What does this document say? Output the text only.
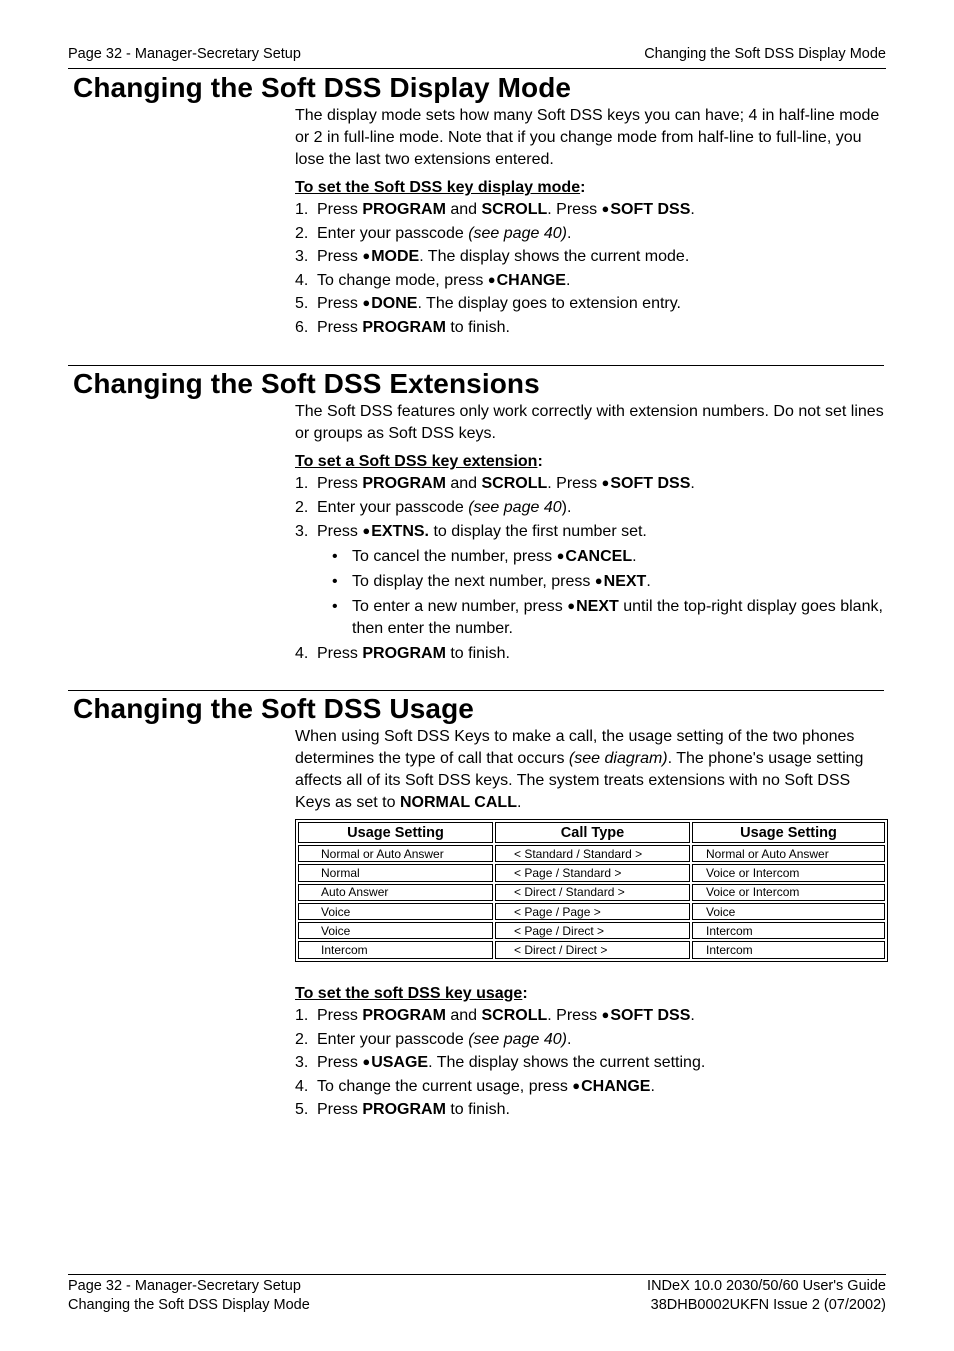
Page 32 - Manager-Secretary Setup	Changing the Soft DSS Display Mode
Changing the Soft DSS Display Mode

The display mode sets how many Soft DSS keys you can have; 4 in half-line mode or 2 in full-line mode. Note that if you change mode from half-line to full-line, you lose the last two extensions entered.

To set the Soft DSS key display mode:
1. Press PROGRAM and SCROLL. Press ● SOFT DSS.
2. Enter your passcode (see page 40).
3. Press ● MODE. The display shows the current mode.
4. To change mode, press ● CHANGE.
5. Press ● DONE. The display goes to extension entry.
6. Press PROGRAM to finish.
Changing the Soft DSS Extensions

The Soft DSS features only work correctly with extension numbers. Do not set lines or groups as Soft DSS keys.

To set a Soft DSS key extension:
1. Press PROGRAM and SCROLL. Press ● SOFT DSS.
2. Enter your passcode (see page 40).
3. Press ● EXTNS. to display the first number set.
• To cancel the number, press ● CANCEL.
• To display the next number, press ● NEXT.
• To enter a new number, press ● NEXT until the top-right display goes blank, then enter the number.
4. Press PROGRAM to finish.
Changing the Soft DSS Usage

When using Soft DSS Keys to make a call, the usage setting of the two phones determines the type of call that occurs (see diagram). The phone's usage setting affects all of its Soft DSS keys. The system treats extensions with no Soft DSS Keys as set to NORMAL CALL.

Usage Setting	Call Type	Usage Setting
Normal or Auto Answer	< Standard / Standard >	Normal or Auto Answer
Normal	< Page / Standard >	Voice or Intercom
Auto Answer	< Direct / Standard >	Voice or Intercom
Voice	< Page / Page >	Voice
Voice	< Page / Direct >	Intercom
Intercom	< Direct / Direct >	Intercom
To set the soft DSS key usage:
1. Press PROGRAM and SCROLL. Press ● SOFT DSS.
2. Enter your passcode (see page 40).
3. Press ● USAGE. The display shows the current setting.
4. To change the current usage, press ● CHANGE.
5. Press PROGRAM to finish.
Page 32 - Manager-Secretary Setup
Changing the Soft DSS Display Mode
INDeX 10.0 2030/50/60 User's Guide
38DHB0002UKFN Issue 2 (07/2002)
